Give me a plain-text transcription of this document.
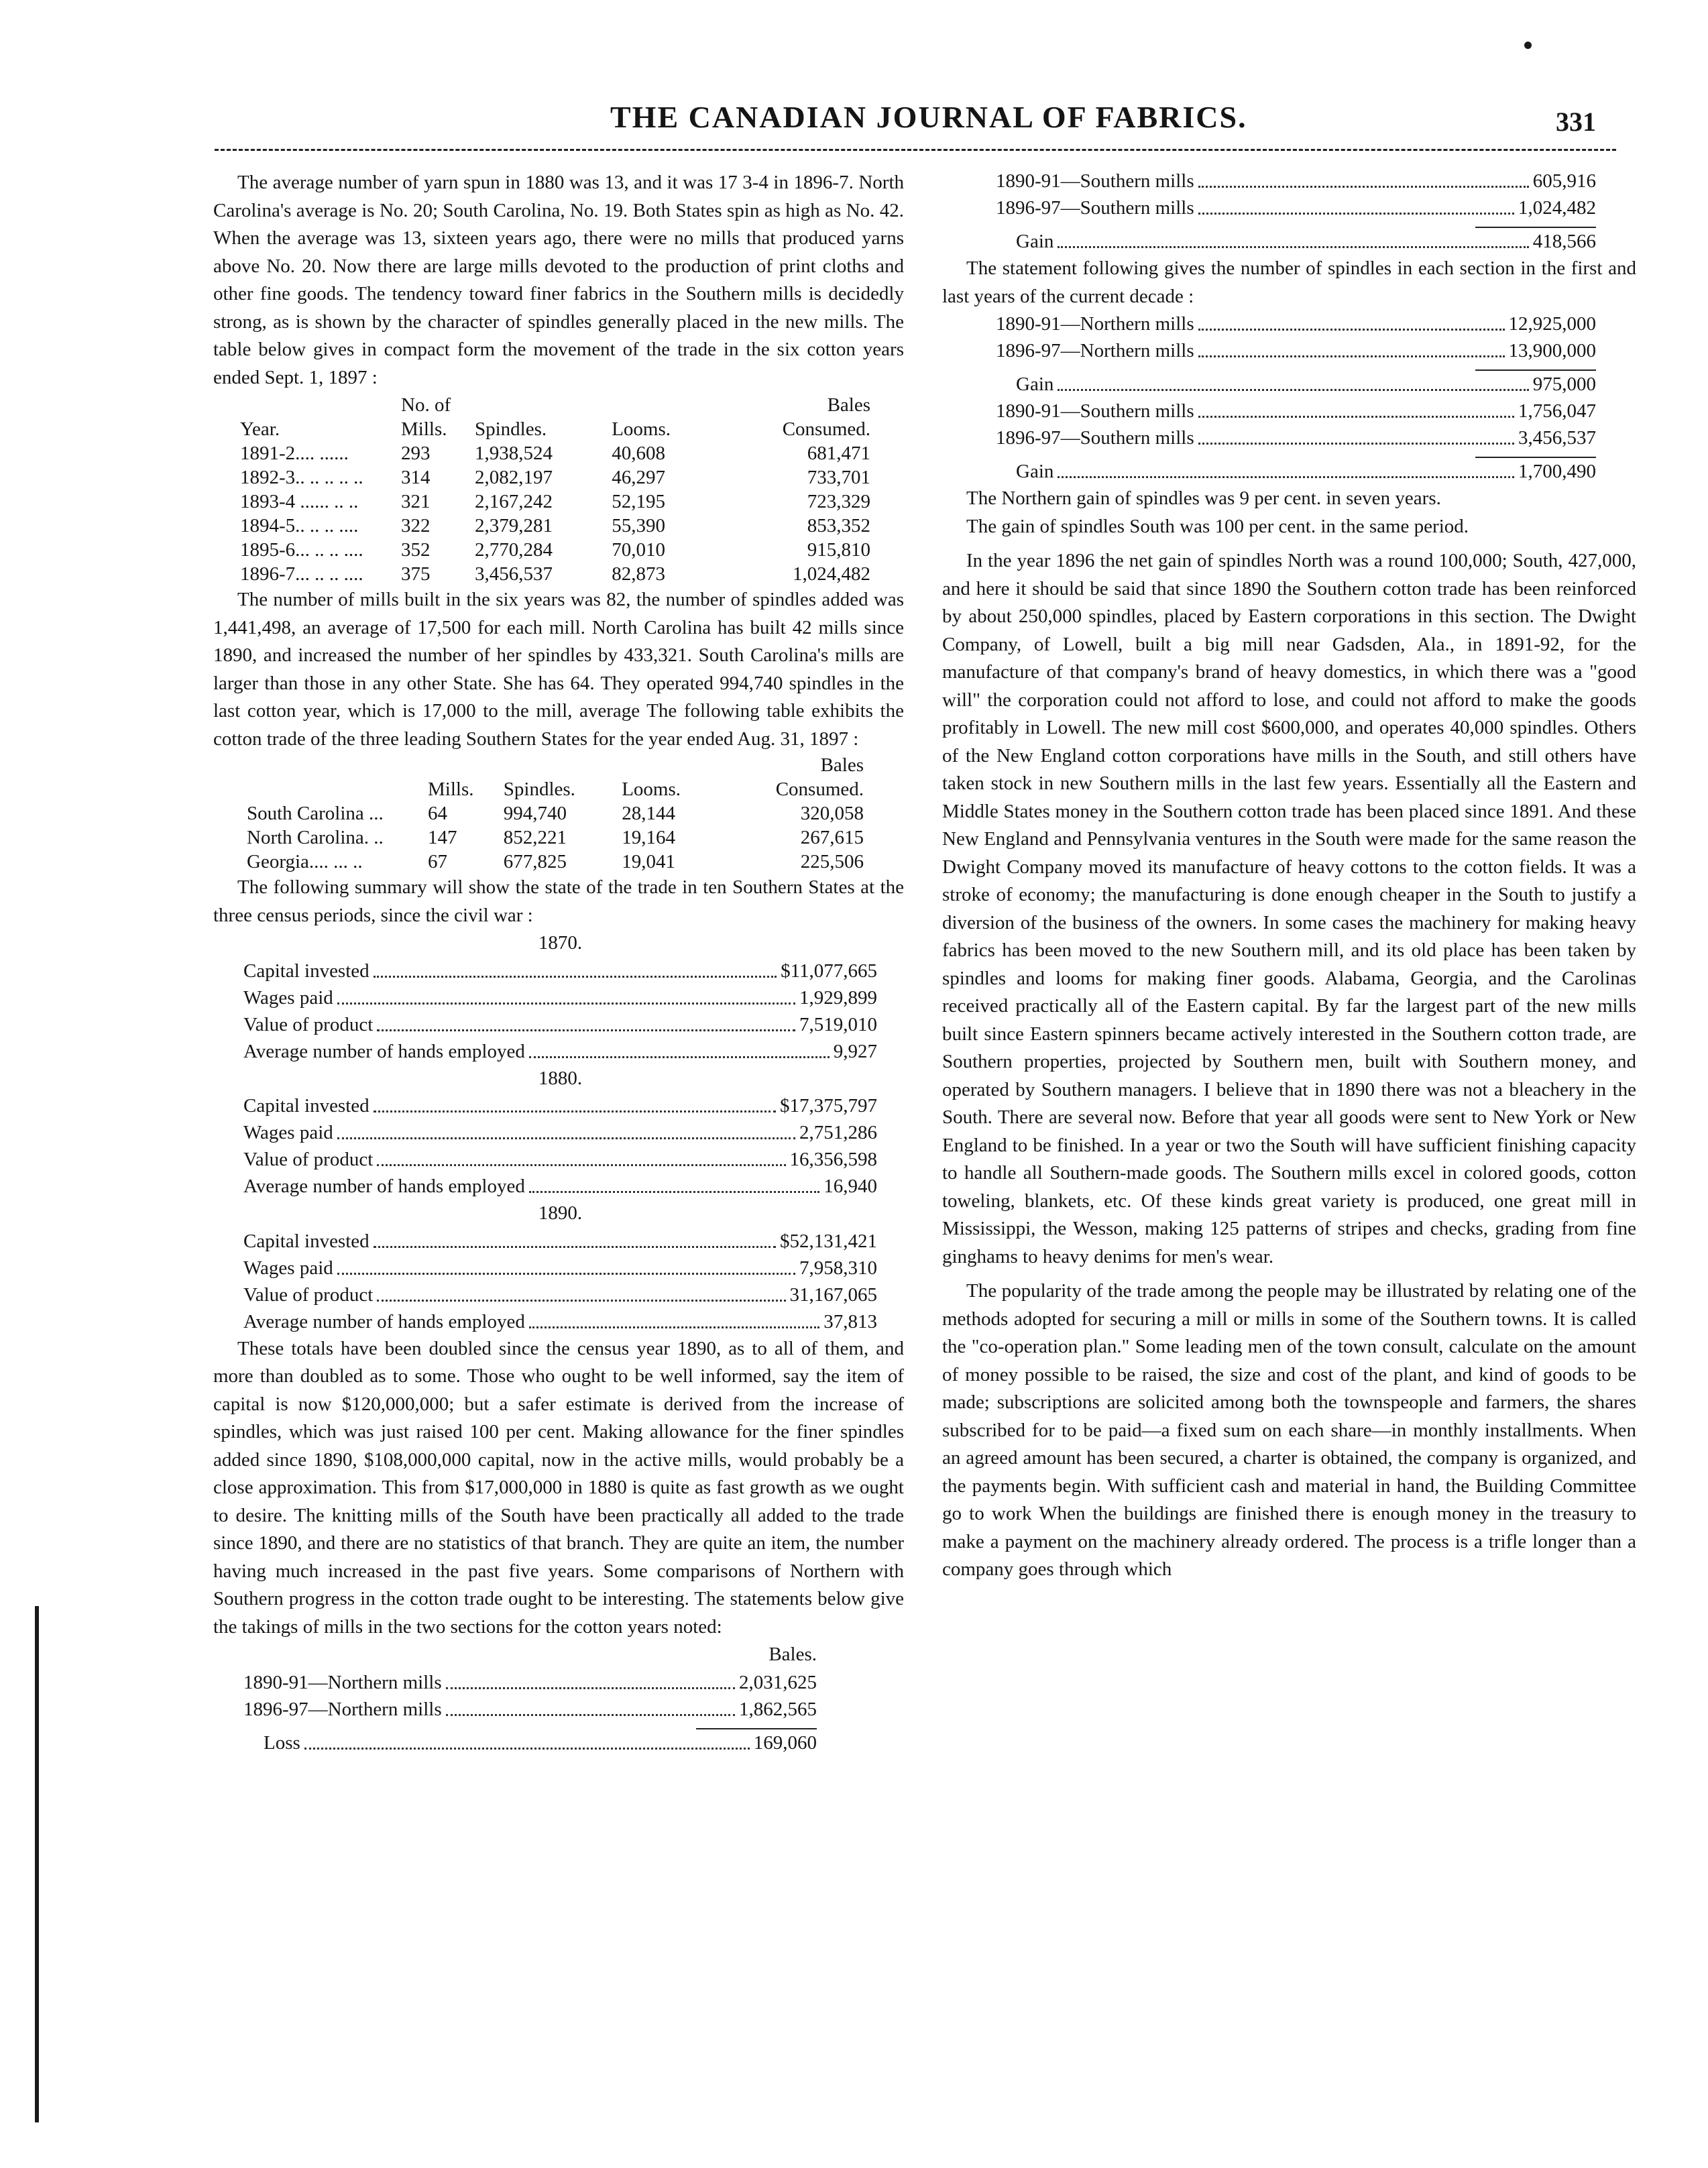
THE CANADIAN JOURNAL OF FABRICS.	331

The average number of yarn spun in 1880 was 13, and it was 17 3-4 in 1896-7. North Carolina's average is No. 20; South Carolina, No. 19. Both States spin as high as No. 42. When the average was 13, sixteen years ago, there were no mills that produced yarns above No. 20. Now there are large mills devoted to the production of print cloths and other fine goods. The tendency toward finer fabrics in the Southern mills is decidedly strong, as is shown by the character of spindles generally placed in the new mills. The table below gives in compact form the movement of the trade in the six cotton years ended Sept. 1, 1897 :

	No. of			Bales
Year.	Mills.	Spindles.	Looms.	Consumed.
1891-2.... ......	293	1,938,524	40,608	681,471
1892-3.. .. .. .. ..	314	2,082,197	46,297	733,701
1893-4 ...... .. ..	321	2,167,242	52,195	723,329
1894-5.. .. .. ....	322	2,379,281	55,390	853,352
1895-6... .. .. ....	352	2,770,284	70,010	915,810
1896-7... .. .. ....	375	3,456,537	82,873	1,024,482

The number of mills built in the six years was 82, the number of spindles added was 1,441,498, an average of 17,500 for each mill. North Carolina has built 42 mills since 1890, and increased the number of her spindles by 433,321. South Carolina's mills are larger than those in any other State. She has 64. They operated 994,740 spindles in the last cotton year, which is 17,000 to the mill, average The following table exhibits the cotton trade of the three leading Southern States for the year ended Aug. 31, 1897 :

				Bales
	Mills.	Spindles.	Looms.	Consumed.
South Carolina ...	64	994,740	28,144	320,058
North Carolina. ..	147	852,221	19,164	267,615
Georgia.... ... ..	67	677,825	19,041	225,506

The following summary will show the state of the trade in ten Southern States at the three census periods, since the civil war :

1870.
Capital invested	$11,077,665
Wages paid	1,929,899
Value of product	7,519,010
Average number of hands employed	9,927
1880.
Capital invested	$17,375,797
Wages paid	2,751,286
Value of product	16,356,598
Average number of hands employed	16,940
1890.
Capital invested	$52,131,421
Wages paid	7,958,310
Value of product	31,167,065
Average number of hands employed	37,813

These totals have been doubled since the census year 1890, as to all of them, and more than doubled as to some. Those who ought to be well informed, say the item of capital is now $120,000,000; but a safer estimate is derived from the increase of spindles, which was just raised 100 per cent. Making allowance for the finer spindles added since 1890, $108,000,000 capital, now in the active mills, would probably be a close approximation. This from $17,000,000 in 1880 is quite as fast growth as we ought to desire. The knitting mills of the South have been practically all added to the trade since 1890, and there are no statistics of that branch. They are quite an item, the number having much increased in the past five years. Some comparisons of Northern with Southern progress in the cotton trade ought to be interesting. The statements below give the takings of mills in the two sections for the cotton years noted:

Bales.
1890-91—Northern mills	2,031,625
1896-97—Northern mills	1,862,565
Loss	169,060
1890-91—Southern mills	605,916
1896-97—Southern mills	1,024,482
Gain	418,566

The statement following gives the number of spindles in each section in the first and last years of the current decade :

1890-91—Northern mills	12,925,000
1896-97—Northern mills	13,900,000
Gain	975,000
1890-91—Southern mills	1,756,047
1896-97—Southern mills	3,456,537
Gain	1,700,490

The Northern gain of spindles was 9 per cent. in seven years.

The gain of spindles South was 100 per cent. in the same period.

In the year 1896 the net gain of spindles North was a round 100,000; South, 427,000, and here it should be said that since 1890 the Southern cotton trade has been reinforced by about 250,000 spindles, placed by Eastern corporations in this section. The Dwight Company, of Lowell, built a big mill near Gadsden, Ala., in 1891-92, for the manufacture of that company's brand of heavy domestics, in which there was a "good will" the corporation could not afford to lose, and could not afford to make the goods profitably in Lowell. The new mill cost $600,000, and operates 40,000 spindles. Others of the New England cotton corporations have mills in the South, and still others have taken stock in new Southern mills in the last few years. Essentially all the Eastern and Middle States money in the Southern cotton trade has been placed since 1891. And these New England and Pennsylvania ventures in the South were made for the same reason the Dwight Company moved its manufacture of heavy cottons to the cotton fields. It was a stroke of economy; the manufacturing is done enough cheaper in the South to justify a diversion of the business of the owners. In some cases the machinery for making heavy fabrics has been moved to the new Southern mill, and its old place has been taken by spindles and looms for making finer goods. Alabama, Georgia, and the Carolinas received practically all of the Eastern capital. By far the largest part of the new mills built since Eastern spinners became actively interested in the Southern cotton trade, are Southern properties, projected by Southern men, built with Southern money, and operated by Southern managers. I believe that in 1890 there was not a bleachery in the South. There are several now. Before that year all goods were sent to New York or New England to be finished. In a year or two the South will have sufficient finishing capacity to handle all Southern-made goods. The Southern mills excel in colored goods, cotton toweling, blankets, etc. Of these kinds great variety is produced, one great mill in Mississippi, the Wesson, making 125 patterns of stripes and checks, grading from fine ginghams to heavy denims for men's wear.

The popularity of the trade among the people may be illustrated by relating one of the methods adopted for securing a mill or mills in some of the Southern towns. It is called the "co-operation plan." Some leading men of the town consult, calculate on the amount of money possible to be raised, the size and cost of the plant, and kind of goods to be made; subscriptions are solicited among both the townspeople and farmers, the shares subscribed for to be paid—a fixed sum on each share—in monthly installments. When an agreed amount has been secured, a charter is obtained, the company is organized, and the payments begin. With sufficient cash and material in hand, the Building Committee go to work When the buildings are finished there is enough money in the treasury to make a payment on the machinery already ordered. The process is a trifle longer than a company goes through which
